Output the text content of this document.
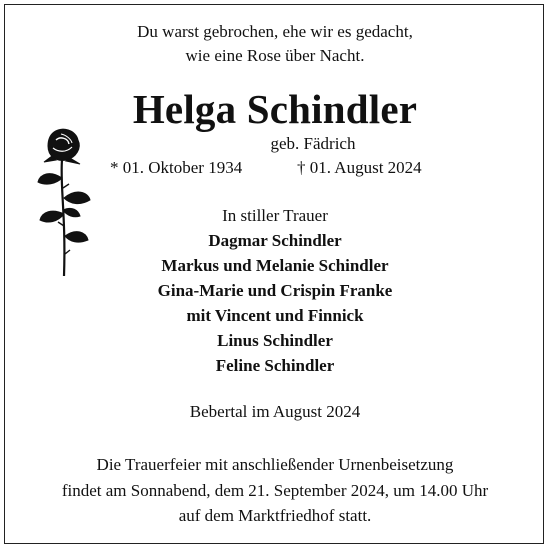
Du warst gebrochen, ehe wir es gedacht,
wie eine Rose über Nacht.
Helga Schindler
geb. Fädrich
* 01. Oktober 1934	† 01. August 2024
In stiller Trauer
Dagmar Schindler
Markus und Melanie Schindler
Gina-Marie und Crispin Franke
mit Vincent und Finnick
Linus Schindler
Feline Schindler
Bebertal im August 2024
Die Trauerfeier mit anschließender Urnenbeisetzung
findet am Sonnabend, dem 21. September 2024, um 14.00 Uhr
auf dem Marktfriedhof statt.
